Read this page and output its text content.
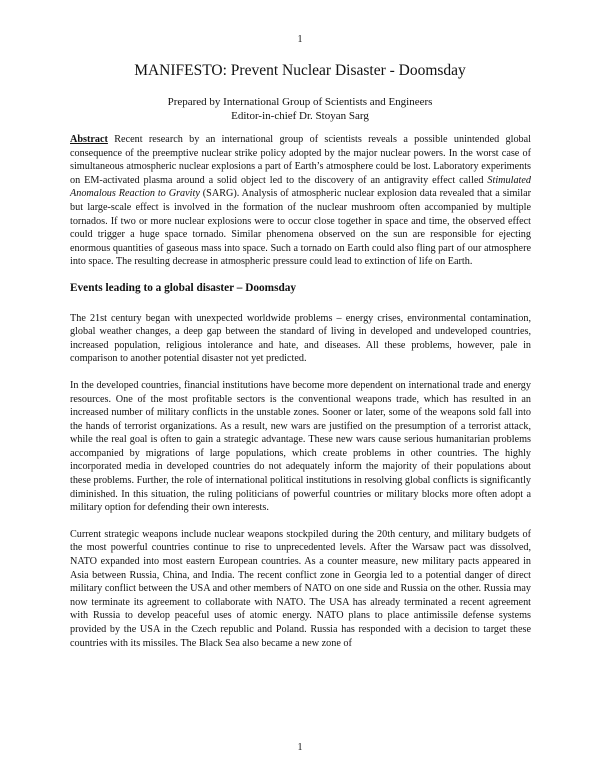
1
MANIFESTO: Prevent Nuclear Disaster - Doomsday
Prepared by International Group of Scientists and Engineers
Editor-in-chief Dr. Stoyan Sarg

Abstract Recent research by an international group of scientists reveals a possible unintended global consequence of the preemptive nuclear strike policy adopted by the major nuclear powers. In the worst case of simultaneous atmospheric nuclear explosions a part of Earth’s atmosphere could be lost. Laboratory experiments on EM-activated plasma around a solid object led to the discovery of an antigravity effect called Stimulated Anomalous Reaction to Gravity (SARG). Analysis of atmospheric nuclear explosion data revealed that a similar but large-scale effect is involved in the formation of the nuclear mushroom often accompanied by multiple tornados. If two or more nuclear explosions were to occur close together in space and time, the observed effect could trigger a huge space tornado. Similar phenomena observed on the sun are responsible for ejecting enormous quantities of gaseous mass into space. Such a tornado on Earth could also fling part of our atmosphere into space. The resulting decrease in atmospheric pressure could lead to extinction of life on Earth.

Events leading to a global disaster – Doomsday

The 21st century began with unexpected worldwide problems – energy crises, environmental contamination, global weather changes, a deep gap between the standard of living in developed and undeveloped countries, increased population, religious intolerance and hate, and diseases. All these problems, however, pale in comparison to another potential disaster not yet predicted.

In the developed countries, financial institutions have become more dependent on international trade and energy resources. One of the most profitable sectors is the conventional weapons trade, which has resulted in an increased number of military conflicts in the unstable zones. Sooner or later, some of the weapons sold fall into the hands of terrorist organizations. As a result, new wars are justified on the presumption of a terrorist attack, while the real goal is often to gain a strategic advantage. These new wars cause serious humanitarian problems accompanied by migrations of large populations, which create problems in other countries. The highly incorporated media in developed countries do not adequately inform the majority of their populations about these problems. Further, the role of international political institutions in resolving global conflicts is significantly diminished. In this situation, the ruling politicians of powerful countries or military blocks more often adopt a military option for defending their own interests.

Current strategic weapons include nuclear weapons stockpiled during the 20th century, and military budgets of the most powerful countries continue to rise to unprecedented levels. After the Warsaw pact was dissolved, NATO expanded into most eastern European countries. As a counter measure, new military pacts appeared in Asia between Russia, China, and India. The recent conflict zone in Georgia led to a potential danger of direct military conflict between the USA and other members of NATO on one side and Russia on the other. Russia may now terminate its agreement to collaborate with NATO. The USA has already terminated a recent agreement with Russia to develop peaceful uses of atomic energy. NATO plans to place antimissile defense systems provided by the USA in the Czech republic and Poland. Russia has responded with a decision to target these countries with its missiles. The Black Sea also became a new zone of

1
